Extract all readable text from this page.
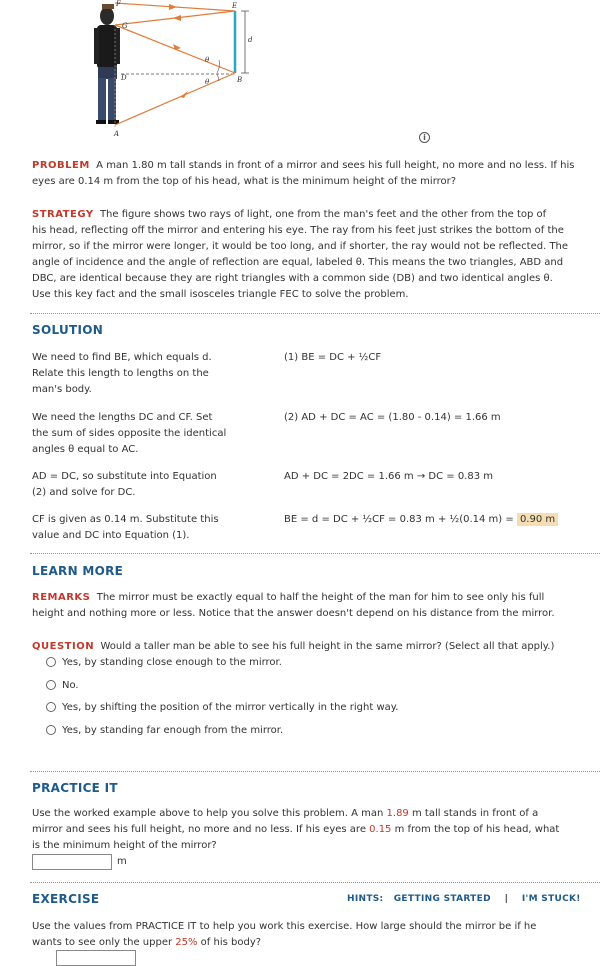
F
G
E
d
D	B
A
θ
θ
i

PROBLEM A man 1.80 m tall stands in front of a mirror and sees his full height, no more and no less. If his eyes are 0.14 m from the top of his head, what is the minimum height of the mirror?

STRATEGY The figure shows two rays of light, one from the man's feet and the other from the top of

his head, reflecting off the mirror and entering his eye. The ray from his feet just strikes the bottom of the

mirror, so if the mirror were longer, it would be too long, and if shorter, the ray would not be reflected. The

angle of incidence and the angle of reflection are equal, labeled θ. This means the two triangles, ABD and

DBC, are identical because they are right triangles with a common side (DB) and two identical angles θ.

Use this key fact and the small isosceles triangle FEC to solve the problem.

SOLUTION

We need to find BE, which equals d.

Relate this length to lengths on the

man's body.

(1) BE = DC + ½CF

We need the lengths DC and CF. Set

the sum of sides opposite the identical

angles θ equal to AC.

(2) AD + DC = AC = (1.80 - 0.14) = 1.66 m

AD = DC, so substitute into Equation

(2) and solve for DC.

AD + DC = 2DC = 1.66 m → DC = 0.83 m

CF is given as 0.14 m. Substitute this

value and DC into Equation (1).

BE = d = DC + ½CF = 0.83 m + ½(0.14 m) = 0.90 m
LEARN MORE

REMARKS The mirror must be exactly equal to half the height of the man for him to see only his full

height and nothing more or less. Notice that the answer doesn't depend on his distance from the mirror.

QUESTION Would a taller man be able to see his full height in the same mirror? (Select all that apply.)

Yes, by standing close enough to the mirror.
No.
Yes, by shifting the position of the mirror vertically in the right way.
Yes, by standing far enough from the mirror.
PRACTICE IT

Use the worked example above to help you solve this problem. A man 1.89 m tall stands in front of a

mirror and sees his full height, no more and no less. If his eyes are 0.15 m from the top of his head, what

is the minimum height of the mirror?

m
EXERCISE	HINTS: GETTING STARTED | I'M STUCK!

Use the values from PRACTICE IT to help you work this exercise. How large should the mirror be if he

wants to see only the upper 25% of his body?
